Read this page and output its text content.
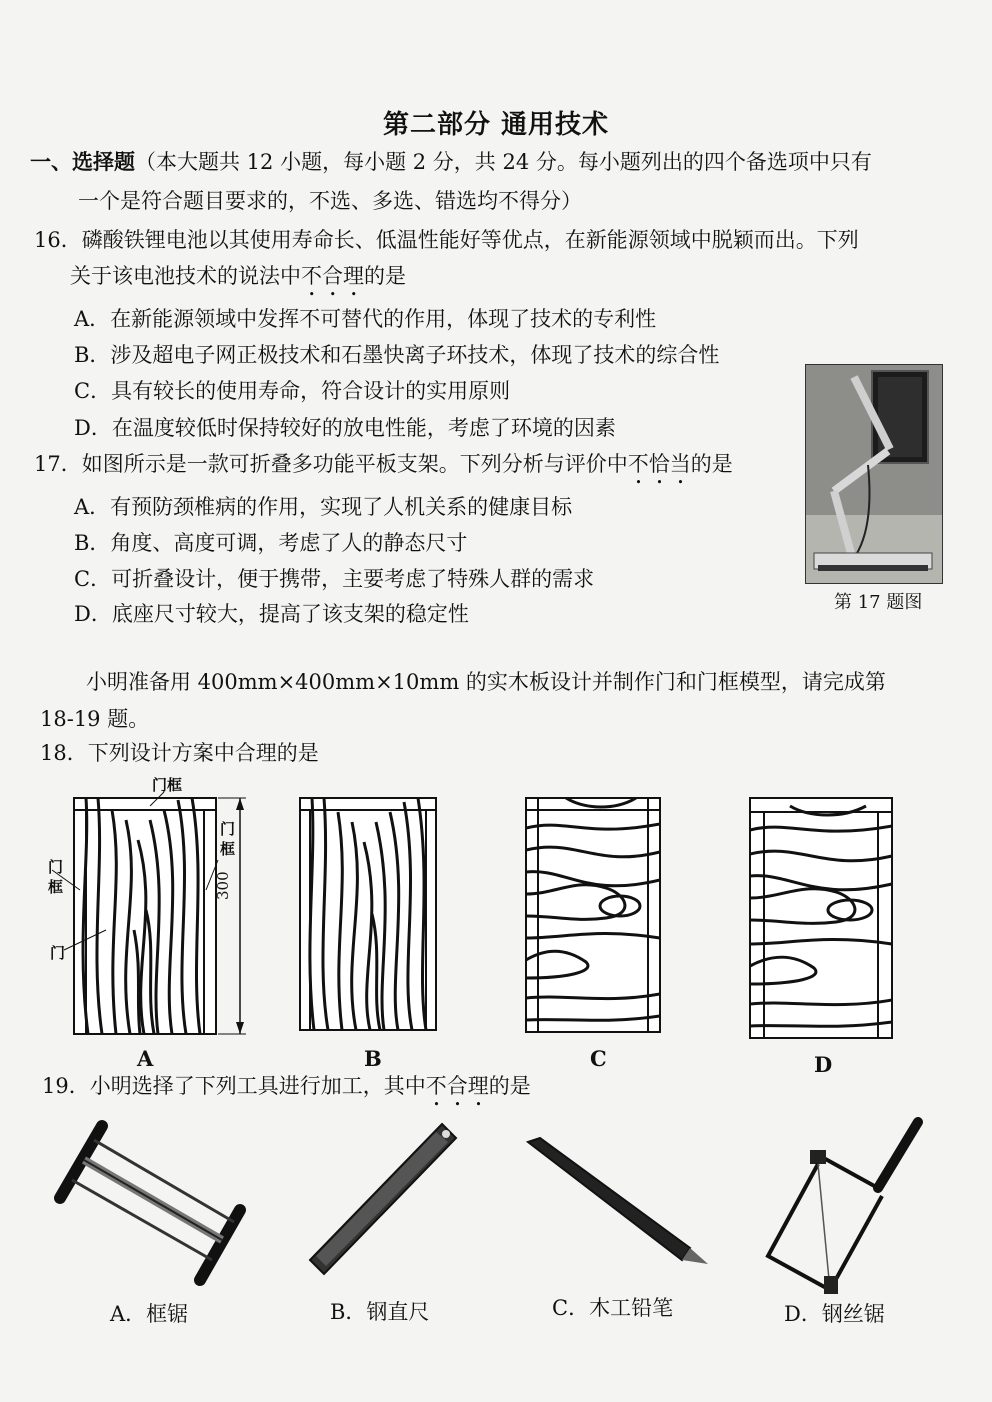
第二部分 通用技术
一、选择题（本大题共 12 小题，每小题 2 分，共 24 分。每小题列出的四个备选项中只有
一个是符合题目要求的，不选、多选、错选均不得分）
16．磷酸铁锂电池以其使用寿命长、低温性能好等优点，在新能源领域中脱颖而出。下列
关于该电池技术的说法中不合理的是
A．在新能源领域中发挥不可替代的作用，体现了技术的专利性
B．涉及超电子网正极技术和石墨快离子环技术，体现了技术的综合性
C．具有较长的使用寿命，符合设计的实用原则
D．在温度较低时保持较好的放电性能，考虑了环境的因素
17．如图所示是一款可折叠多功能平板支架。下列分析与评价中不恰当的是
A．有预防颈椎病的作用，实现了人机关系的健康目标
B．角度、高度可调，考虑了人的静态尺寸
C．可折叠设计，便于携带，主要考虑了特殊人群的需求
D．底座尺寸较大，提高了该支架的稳定性	第 17 题图
小明准备用 400mm×400mm×10mm 的实木板设计并制作门和门框模型，请完成第
18-19 题。
18．下列设计方案中合理的是
门框
门
框
门
框
门
300
A	B	C	D
19．小明选择了下列工具进行加工，其中不合理的是
A．框锯	B．钢直尺	C．木工铅笔	D．钢丝锯
